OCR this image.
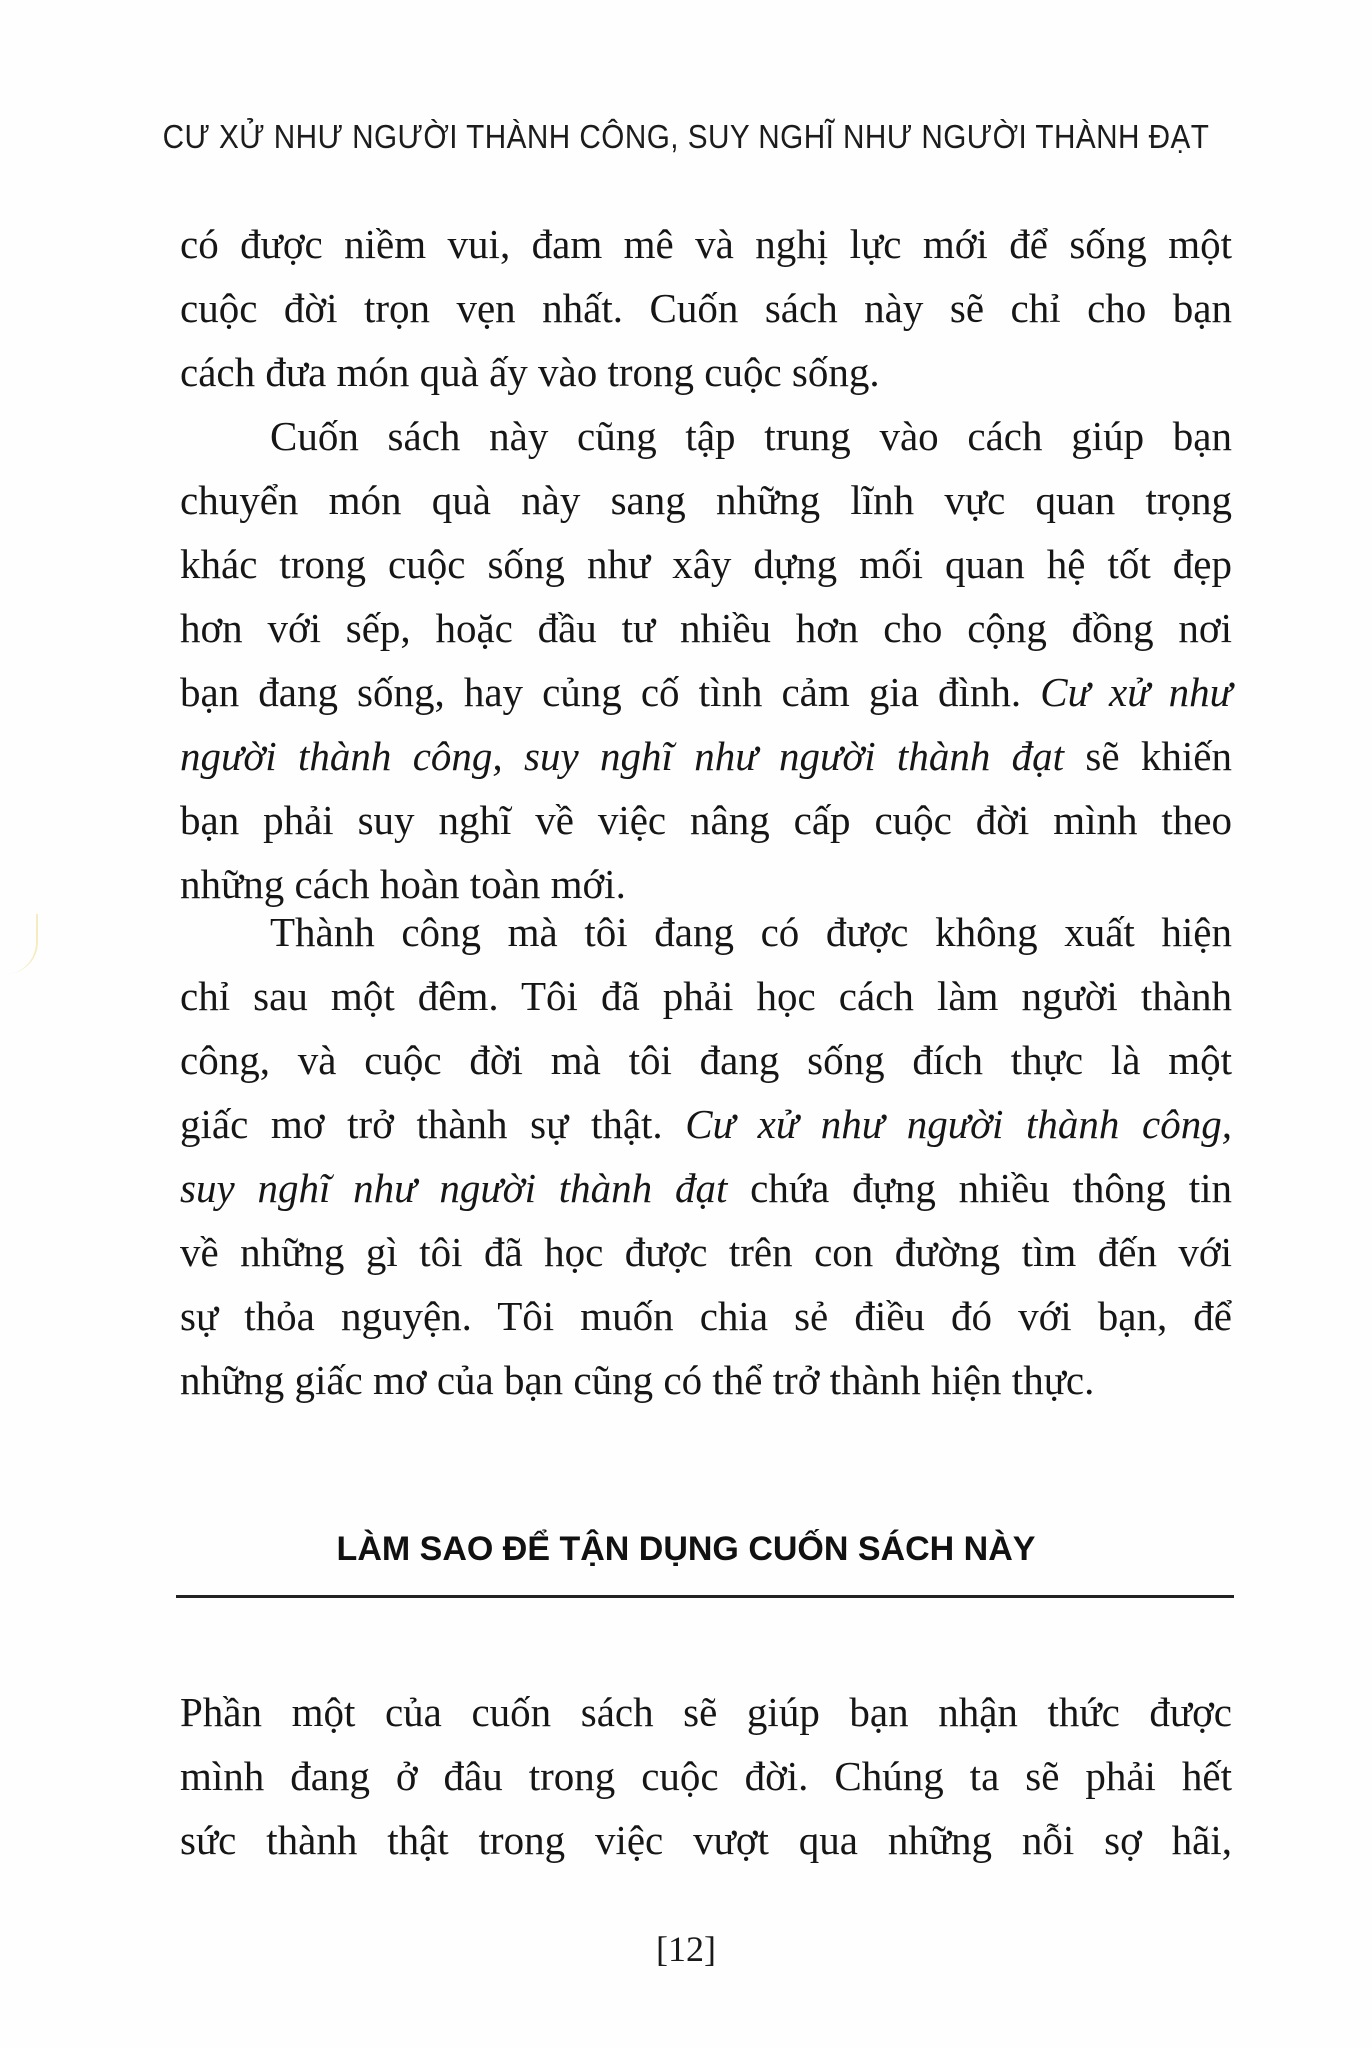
CƯ XỬ NHƯ NGƯỜI THÀNH CÔNG, SUY NGHĨ NHƯ NGƯỜI THÀNH ĐẠT
có được niềm vui, đam mê và nghị lực mới để sống một
cuộc đời trọn vẹn nhất. Cuốn sách này sẽ chỉ cho bạn
cách đưa món quà ấy vào trong cuộc sống.
Cuốn sách này cũng tập trung vào cách giúp bạn
chuyển món quà này sang những lĩnh vực quan trọng
khác trong cuộc sống như xây dựng mối quan hệ tốt đẹp
hơn với sếp, hoặc đầu tư nhiều hơn cho cộng đồng nơi
bạn đang sống, hay củng cố tình cảm gia đình. Cư xử như
người thành công, suy nghĩ như người thành đạt sẽ khiến
bạn phải suy nghĩ về việc nâng cấp cuộc đời mình theo
những cách hoàn toàn mới.
Thành công mà tôi đang có được không xuất hiện
chỉ sau một đêm. Tôi đã phải học cách làm người thành
công, và cuộc đời mà tôi đang sống đích thực là một
giấc mơ trở thành sự thật. Cư xử như người thành công,
suy nghĩ như người thành đạt chứa đựng nhiều thông tin
về những gì tôi đã học được trên con đường tìm đến với
sự thỏa nguyện. Tôi muốn chia sẻ điều đó với bạn, để
những giấc mơ của bạn cũng có thể trở thành hiện thực.
LÀM SAO ĐỂ TẬN DỤNG CUỐN SÁCH NÀY
Phần một của cuốn sách sẽ giúp bạn nhận thức được
mình đang ở đâu trong cuộc đời. Chúng ta sẽ phải hết
sức thành thật trong việc vượt qua những nỗi sợ hãi,
[12]
